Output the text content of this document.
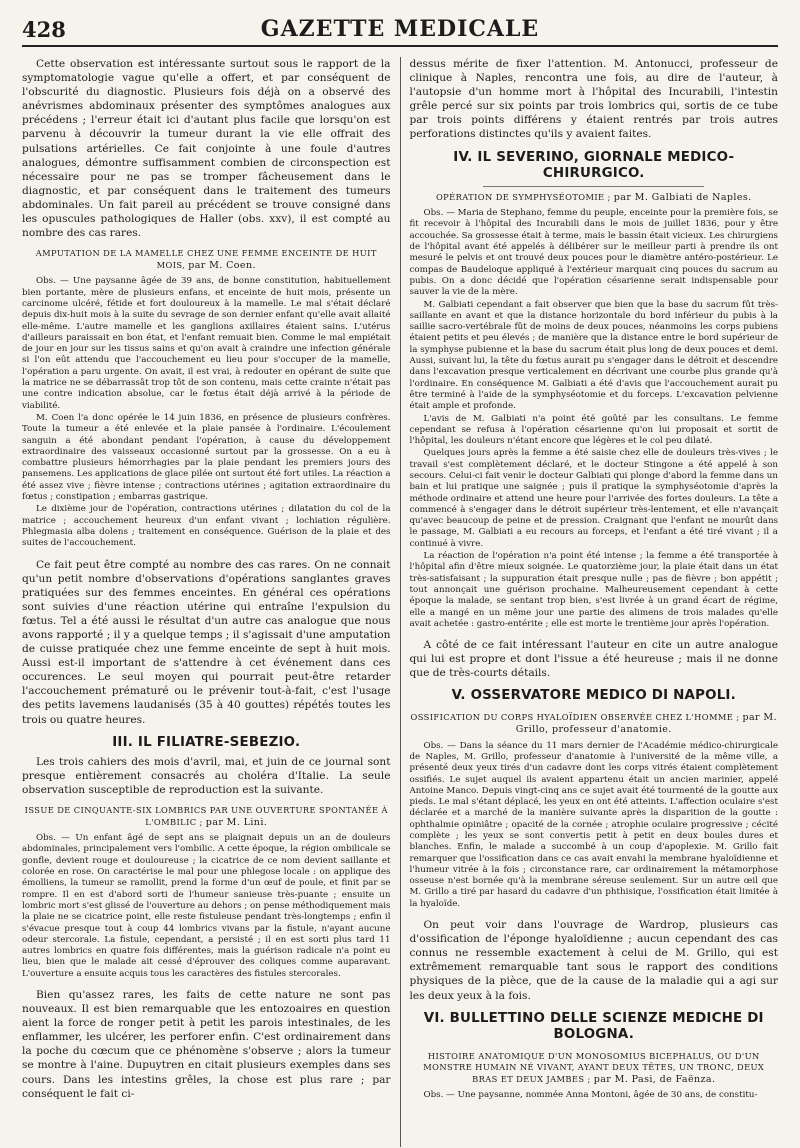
428	GAZETTE MEDICALE

Cette observation est intéressante surtout sous le rapport de la symptomatologie vague qu'elle a offert, et par conséquent de l'obscurité du diagnostic. Plusieurs fois déjà on a observé des anévrismes abdominaux présenter des symptômes analogues aux précédens ; l'erreur était ici d'autant plus facile que lorsqu'on est parvenu à découvrir la tumeur durant la vie elle offrait des pulsations artérielles. Ce fait conjointe à une foule d'autres analogues, démontre suffisamment combien de circonspection est nécessaire pour ne pas se tromper fâcheusement dans le diagnostic, et par conséquent dans le traitement des tumeurs abdominales. Un fait pareil au précédent se trouve consigné dans les opuscules pathologiques de Haller (obs. xxv), il est compté au nombre des cas rares.

AMPUTATION DE LA MAMELLE CHEZ UNE FEMME ENCEINTE DE HUIT MOIS, par M. Coen.

Obs. — Une paysanne âgée de 39 ans, de bonne constitution, habituellement bien portante, mère de plusieurs enfans, et enceinte de huit mois, présente un carcinome ulcéré, fétide et fort douloureux à la mamelle. Le mal s'était déclaré depuis dix-huit mois à la suite du sevrage de son dernier enfant qu'elle avait allaité elle-même. L'autre mamelle et les ganglions axillaires étaient sains. L'utérus d'ailleurs paraissait en bon état, et l'enfant remuait bien. Comme le mal empiétait de jour en jour sur les tissus sains et qu'on avait à craindre une infection générale si l'on eût attendu que l'accouchement eu lieu pour s'occuper de la mamelle, l'opération a paru urgente. On avait, il est vrai, à redouter en opérant de suite que la matrice ne se débarrassât trop tôt de son contenu, mais cette crainte n'était pas une contre indication absolue, car le fœtus était déjà arrivé à la période de viabilité.

M. Coen l'a donc opérée le 14 juin 1836, en présence de plusieurs confrères. Toute la tumeur a été enlevée et la plaie pansée à l'ordinaire. L'écoulement sanguin a été abondant pendant l'opération, à cause du développement extraordinaire des vaisseaux occasionné surtout par la grossesse. On a eu à combattre plusieurs hémorrhagies par la plaie pendant les premiers jours des pansemens. Les applications de glace pilée ont surtout été fort utiles. La réaction a été assez vive ; fièvre intense ; contractions utérines ; agitation extraordinaire du fœtus ; constipation ; embarras gastrique.

Le dixième jour de l'opération, contractions utérines ; dilatation du col de la matrice ; accouchement heureux d'un enfant vivant ; lochiation régulière. Phlegmasia alba dolens ; traitement en conséquence. Guérison de la plaie et des suites de l'accouchement.

Ce fait peut être compté au nombre des cas rares. On ne connait qu'un petit nombre d'observations d'opérations sanglantes graves pratiquées sur des femmes enceintes. En général ces opérations sont suivies d'une réaction utérine qui entraîne l'expulsion du fœtus. Tel a été aussi le résultat d'un autre cas analogue que nous avons rapporté ; il y a quelque temps ; il s'agissait d'une amputation de cuisse pratiquée chez une femme enceinte de sept à huit mois. Aussi est-il important de s'attendre à cet événement dans ces occurences. Le seul moyen qui pourrait peut-être retarder l'accouchement prématuré ou le prévenir tout-à-fait, c'est l'usage des petits lavemens laudanisés (35 à 40 gouttes) répétés toutes les trois ou quatre heures.

III. IL FILIATRE-SEBEZIO.

Les trois cahiers des mois d'avril, mai, et juin de ce journal sont presque entièrement consacrés au choléra d'Italie. La seule observation susceptible de reproduction est la suivante.

ISSUE DE CINQUANTE-SIX LOMBRICS PAR UNE OUVERTURE SPONTANÉE À L'OMBILIC ; par M. Lini.

Obs. — Un enfant âgé de sept ans se plaignait depuis un an de douleurs abdominales, principalement vers l'ombilic. A cette époque, la région ombilicale se gonfle, devient rouge et douloureuse ; la cicatrice de ce nom devient saillante et colorée en rose. On caractérise le mal pour une phlegose locale : on applique des émolliens, la tumeur se ramollit, prend la forme d'un œuf de poule, et finit par se rompre. Il en est d'abord sorti de l'humeur sanieuse très-puante ; ensuite un lombric mort s'est glissé de l'ouverture au dehors ; on pense méthodiquement mais la plaie ne se cicatrice point, elle reste fistuleuse pendant très-longtemps ; enfin il s'évacue presque tout à coup 44 lombrics vivans par la fistule, n'ayant aucune odeur stercorale. La fistule, cependant, a persisté ; il en est sorti plus tard 11 autres lombrics en quatre fois différentes, mais la guérison radicale n'a point eu lieu, bien que le malade ait cessé d'éprouver des coliques comme auparavant. L'ouverture a ensuite acquis tous les caractères des fistules stercorales.

Bien qu'assez rares, les faits de cette nature ne sont pas nouveaux. Il est bien remarquable que les entozoaires en question aient la force de ronger petit à petit les parois intestinales, de les enflammer, les ulcérer, les perforer enfin. C'est ordinairement dans la poche du cœcum que ce phénomène s'observe ; alors la tumeur se montre à l'aine. Dupuytren en citait plusieurs exemples dans ses cours. Dans les intestins grêles, la chose est plus rare ; par conséquent le fait ci-

dessus mérite de fixer l'attention. M. Antonucci, professeur de clinique à Naples, rencontra une fois, au dire de l'auteur, à l'autopsie d'un homme mort à l'hôpital des Incurabili, l'intestin grêle percé sur six points par trois lombrics qui, sortis de ce tube par trois points différens y étaient rentrés par trois autres perforations distinctes qu'ils y avaient faites.

IV. IL SEVERINO, GIORNALE MEDICO-CHIRURGICO.
OPÉRATION DE SYMPHYSÉOTOMIE ; par M. Galbiati de Naples.

Obs. — Maria de Stephano, femme du peuple, enceinte pour la première fois, se fit recevoir à l'hôpital des Incurabili dans le mois de juillet 1836, pour y être accouchée. Sa grossesse était à terme, mais le bassin était vicieux. Les chirurgiens de l'hôpital avant été appelés à délibérer sur le meilleur parti à prendre ils ont mesuré le pelvis et ont trouvé deux pouces pour le diamètre antéro-postérieur. Le compas de Baudeloque appliqué à l'extérieur marquait cinq pouces du sacrum au pubis. On a donc décidé que l'opération césarienne serait indispensable pour sauver la vie de la mère.

M. Galbiati cependant a fait observer que bien que la base du sacrum fût très-saillante en avant et que la distance horizontale du bord inférieur du pubis à la saillie sacro-vertébrale fût de moins de deux pouces, néanmoins les corps pubiens étaient petits et peu élevés ; de manière que la distance entre le bord supérieur de la symphyse pubienne et la base du sacrum était plus long de deux pouces et demi. Aussi, suivant lui, la tête du fœtus aurait pu s'engager dans le détroit et descendre dans l'excavation presque verticalement en décrivant une courbe plus grande qu'à l'ordinaire. En conséquence M. Galbiati a été d'avis que l'accouchement aurait pu être terminé à l'aide de la symphyséotomie et du forceps. L'excavation pelvienne était ample et profonde.

L'avis de M. Galbiati n'a point été goûté par les consultans. Le femme cependant se refusa à l'opération césarienne qu'on lui proposait et sortit de l'hôpital, les douleurs n'étant encore que légères et le col peu dilaté.

Quelques jours après la femme a été saisie chez elle de douleurs très-vives ; le travail s'est complètement déclaré, et le docteur Stingone a été appelé à son secours. Celui-ci fait venir le docteur Galbiati qui plonge d'abord la femme dans un bain et lui pratique une saignée ; puis il pratique la symphyséotomie d'après la méthode ordinaire et attend une heure pour l'arrivée des fortes douleurs. La tête a commencé à s'engager dans le détroit supérieur très-lentement, et elle n'avançait qu'avec beaucoup de peine et de pression. Craignant que l'enfant ne mourût dans le passage, M. Galbiati a eu recours au forceps, et l'enfant a été tiré vivant ; il a continué à vivre.

La réaction de l'opération n'a point été intense ; la femme a été transportée à l'hôpital afin d'être mieux soignée. Le quatorzième jour, la plaie était dans un état très-satisfaisant ; la suppuration était presque nulle ; pas de fièvre ; bon appétit ; tout annonçait une guérison prochaine. Malheureusement cependant à cette époque la malade, se sentant trop bien, s'est livrée à un grand écart de régime, elle a mangé en un même jour une partie des alimens de trois malades qu'elle avait achetée : gastro-entérite ; elle est morte le trentième jour après l'opération.

A côté de ce fait intéressant l'auteur en cite un autre analogue qui lui est propre et dont l'issue a été heureuse ; mais il ne donne que de très-courts détails.

V. OSSERVATORE MEDICO DI NAPOLI.
OSSIFICATION DU CORPS HYALOÏDIEN OBSERVÉE CHEZ L'HOMME ; par M. Grillo, professeur d'anatomie.

Obs. — Dans la séance du 11 mars dernier de l'Académie médico-chirurgicale de Naples, M. Grillo, professeur d'anatomie à l'université de la même ville, a présenté deux yeux tirés d'un cadavre dont les corps vitrés étaient complètement ossifiés. Le sujet auquel ils avaient appartenu était un ancien marinier, appelé Antoine Manco. Depuis vingt-cinq ans ce sujet avait été tourmenté de la goutte aux pieds. Le mal s'étant déplacé, les yeux en ont été atteints. L'affection oculaire s'est déclarée et a marché de la manière suivante après la disparition de la goutte : ophthalmie opiniâtre ; opacité de la cornée ; atrophie oculaire progressive ; cécité complète ; les yeux se sont convertis petit à petit en deux boules dures et blanches. Enfin, le malade a succombé à un coup d'apoplexie. M. Grillo fait remarquer que l'ossification dans ce cas avait envahi la membrane hyaloïdienne et l'humeur vitrée à la fois ; circonstance rare, car ordinairement la métamorphose osseuse n'est bornée qu'à la membrane séreuse seulement. Sur un autre œil que M. Grillo a tiré par hasard du cadavre d'un phthisique, l'ossification était limitée à la hyaloïde.

On peut voir dans l'ouvrage de Wardrop, plusieurs cas d'ossification de l'éponge hyaloïdienne ; aucun cependant des cas connus ne ressemble exactement à celui de M. Grillo, qui est extrêmement remarquable tant sous le rapport des conditions physiques de la pièce, que de la cause de la maladie qui a agi sur les deux yeux à la fois.

VI. BULLETTINO DELLE SCIENZE MEDICHE DI BOLOGNA.
HISTOIRE ANATOMIQUE D'UN MONOSOMIUS BICEPHALUS, OU D'UN MONSTRE HUMAIN NÉ VIVANT, AYANT DEUX TÊTES, UN TRONC, DEUX BRAS ET DEUX JAMBES ; par M. Pasi, de Faënza.

Obs. — Une paysanne, nommée Anna Montoni, âgée de 30 ans, de constitu-
